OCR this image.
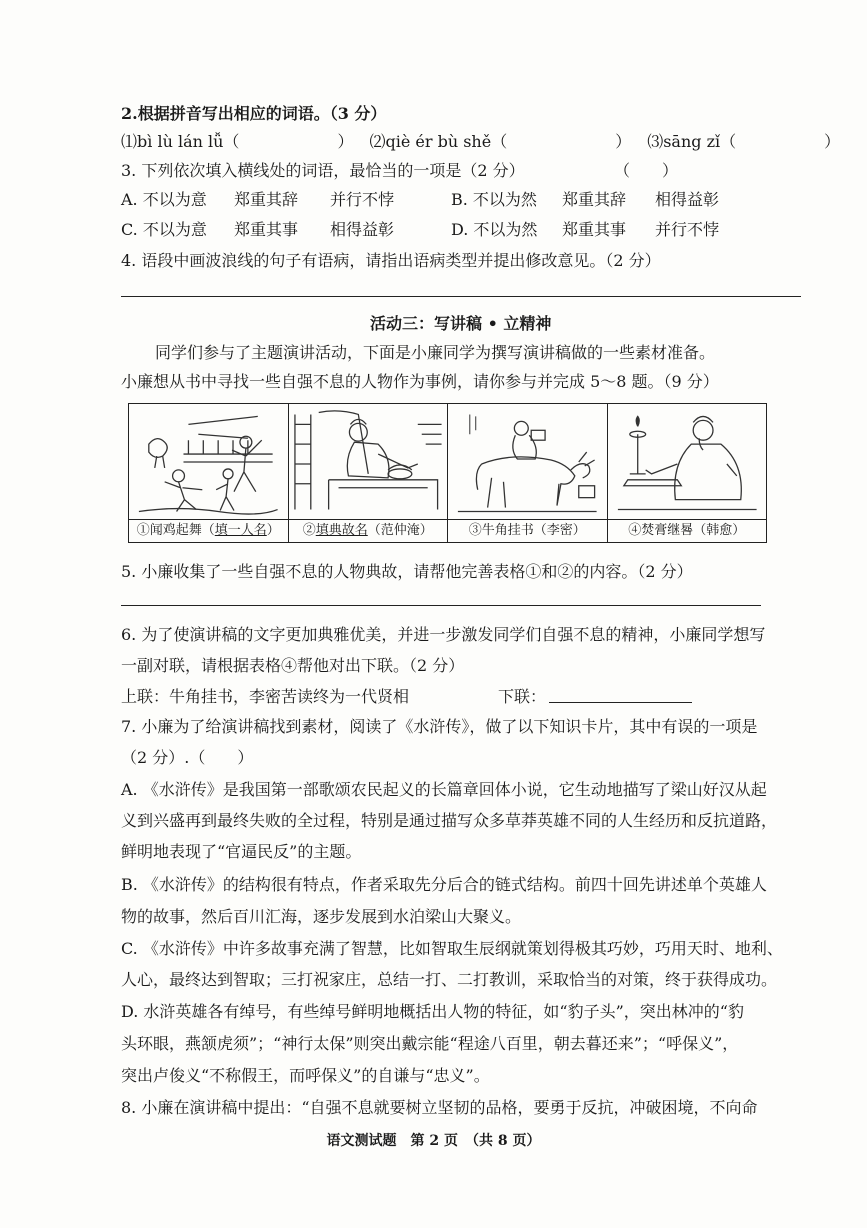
2.根据拼音写出相应的词语。（3 分）
⑴bì lù lán lǚ（	） ⑵qiè ér bù shě（	） ⑶sāng zǐ（	）
3. 下列依次填入横线处的词语，最恰当的一项是（2 分）	（　　）
A. 不以为意 郑重其辞 并行不悖	B. 不以为然 郑重其辞 相得益彰
C. 不以为意 郑重其事 相得益彰	D. 不以为然 郑重其事 并行不悖
4. 语段中画波浪线的句子有语病，请指出语病类型并提出修改意见。（2 分）
活动三：写讲稿 • 立精神
同学们参与了主题演讲活动，下面是小廉同学为撰写演讲稿做的一些素材准备。
小廉想从书中寻找一些自强不息的人物作为事例，请你参与并完成 5～8 题。（9 分）
①闻鸡起舞（填一人名）	②填典故名（范仲淹）	③牛角挂书（李密）	④焚膏继晷（韩愈）
5. 小廉收集了一些自强不息的人物典故，请帮他完善表格①和②的内容。（2 分）
6. 为了使演讲稿的文字更加典雅优美，并进一步激发同学们自强不息的精神，小廉同学想写
一副对联，请根据表格④帮他对出下联。（2 分）
上联：牛角挂书，李密苦读终为一代贤相	下联：
7. 小廉为了给演讲稿找到素材，阅读了《水浒传》，做了以下知识卡片，其中有误的一项是
（2 分）.（　　）
A. 《水浒传》是我国第一部歌颂农民起义的长篇章回体小说，它生动地描写了梁山好汉从起
义到兴盛再到最终失败的全过程，特别是通过描写众多草莽英雄不同的人生经历和反抗道路，
鲜明地表现了“官逼民反”的主题。
B. 《水浒传》的结构很有特点，作者采取先分后合的链式结构。前四十回先讲述单个英雄人
物的故事，然后百川汇海，逐步发展到水泊梁山大聚义。
C. 《水浒传》中许多故事充满了智慧，比如智取生辰纲就策划得极其巧妙，巧用天时、地利、
人心，最终达到智取；三打祝家庄，总结一打、二打教训，采取恰当的对策，终于获得成功。
D. 水浒英雄各有绰号，有些绰号鲜明地概括出人物的特征，如“豹子头”，突出林冲的“豹
头环眼，燕颔虎须”；“神行太保”则突出戴宗能“程途八百里，朝去暮还来”；“呼保义”，
突出卢俊义“不称假王，而呼保义”的自谦与“忠义”。
8. 小廉在演讲稿中提出：“自强不息就要树立坚韧的品格，要勇于反抗，冲破困境，不向命
语文测试题　第 2 页　（共 8 页）
